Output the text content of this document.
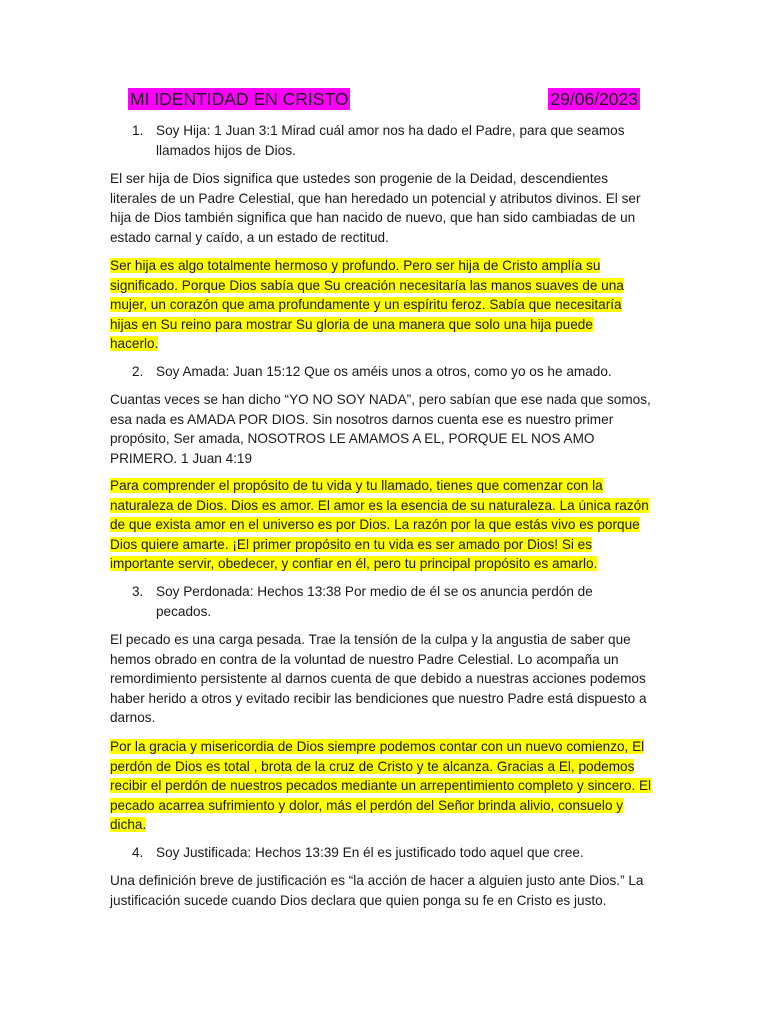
MI IDENTIDAD EN CRISTO	29/06/2023
1. Soy Hija: 1 Juan 3:1 Mirad cuál amor nos ha dado el Padre, para que seamos llamados hijos de Dios.
El ser hija de Dios significa que ustedes son progenie de la Deidad, descendientes literales de un Padre Celestial, que han heredado un potencial y atributos divinos. El ser hija de Dios también significa que han nacido de nuevo, que han sido cambiadas de un estado carnal y caído, a un estado de rectitud.
Ser hija es algo totalmente hermoso y profundo. Pero ser hija de Cristo amplía su significado. Porque Dios sabía que Su creación necesitaría las manos suaves de una mujer, un corazón que ama profundamente y un espíritu feroz. Sabía que necesitaría hijas en Su reino para mostrar Su gloria de una manera que solo una hija puede hacerlo.
2. Soy Amada: Juan 15:12 Que os améis unos a otros, como yo os he amado.
Cuantas veces se han dicho “YO NO SOY NADA”, pero sabían que ese nada que somos, esa nada es AMADA POR DIOS. Sin nosotros darnos cuenta ese es nuestro primer propósito, Ser amada, NOSOTROS LE AMAMOS A EL, PORQUE EL NOS AMO PRIMERO. 1 Juan 4:19
Para comprender el propósito de tu vida y tu llamado, tienes que comenzar con la naturaleza de Dios. Dios es amor. El amor es la esencia de su naturaleza. La única razón de que exista amor en el universo es por Dios. La razón por la que estás vivo es porque Dios quiere amarte. ¡El primer propósito en tu vida es ser amado por Dios! Si es importante servir, obedecer, y confiar en él, pero tu principal propósito es amarlo.
3. Soy Perdonada: Hechos 13:38 Por medio de él se os anuncia perdón de pecados.
El pecado es una carga pesada. Trae la tensión de la culpa y la angustia de saber que hemos obrado en contra de la voluntad de nuestro Padre Celestial. Lo acompaña un remordimiento persistente al darnos cuenta de que debido a nuestras acciones podemos haber herido a otros y evitado recibir las bendiciones que nuestro Padre está dispuesto a darnos.
Por la gracia y misericordia de Dios siempre podemos contar con un nuevo comienzo, El perdón de Dios es total , brota de la cruz de Cristo y te alcanza. Gracias a El, podemos recibir el perdón de nuestros pecados mediante un arrepentimiento completo y sincero. El pecado acarrea sufrimiento y dolor, más el perdón del Señor brinda alivio, consuelo y dicha.
4. Soy Justificada: Hechos 13:39 En él es justificado todo aquel que cree.
Una definición breve de justificación es “la acción de hacer a alguien justo ante Dios.” La justificación sucede cuando Dios declara que quien ponga su fe en Cristo es justo.
